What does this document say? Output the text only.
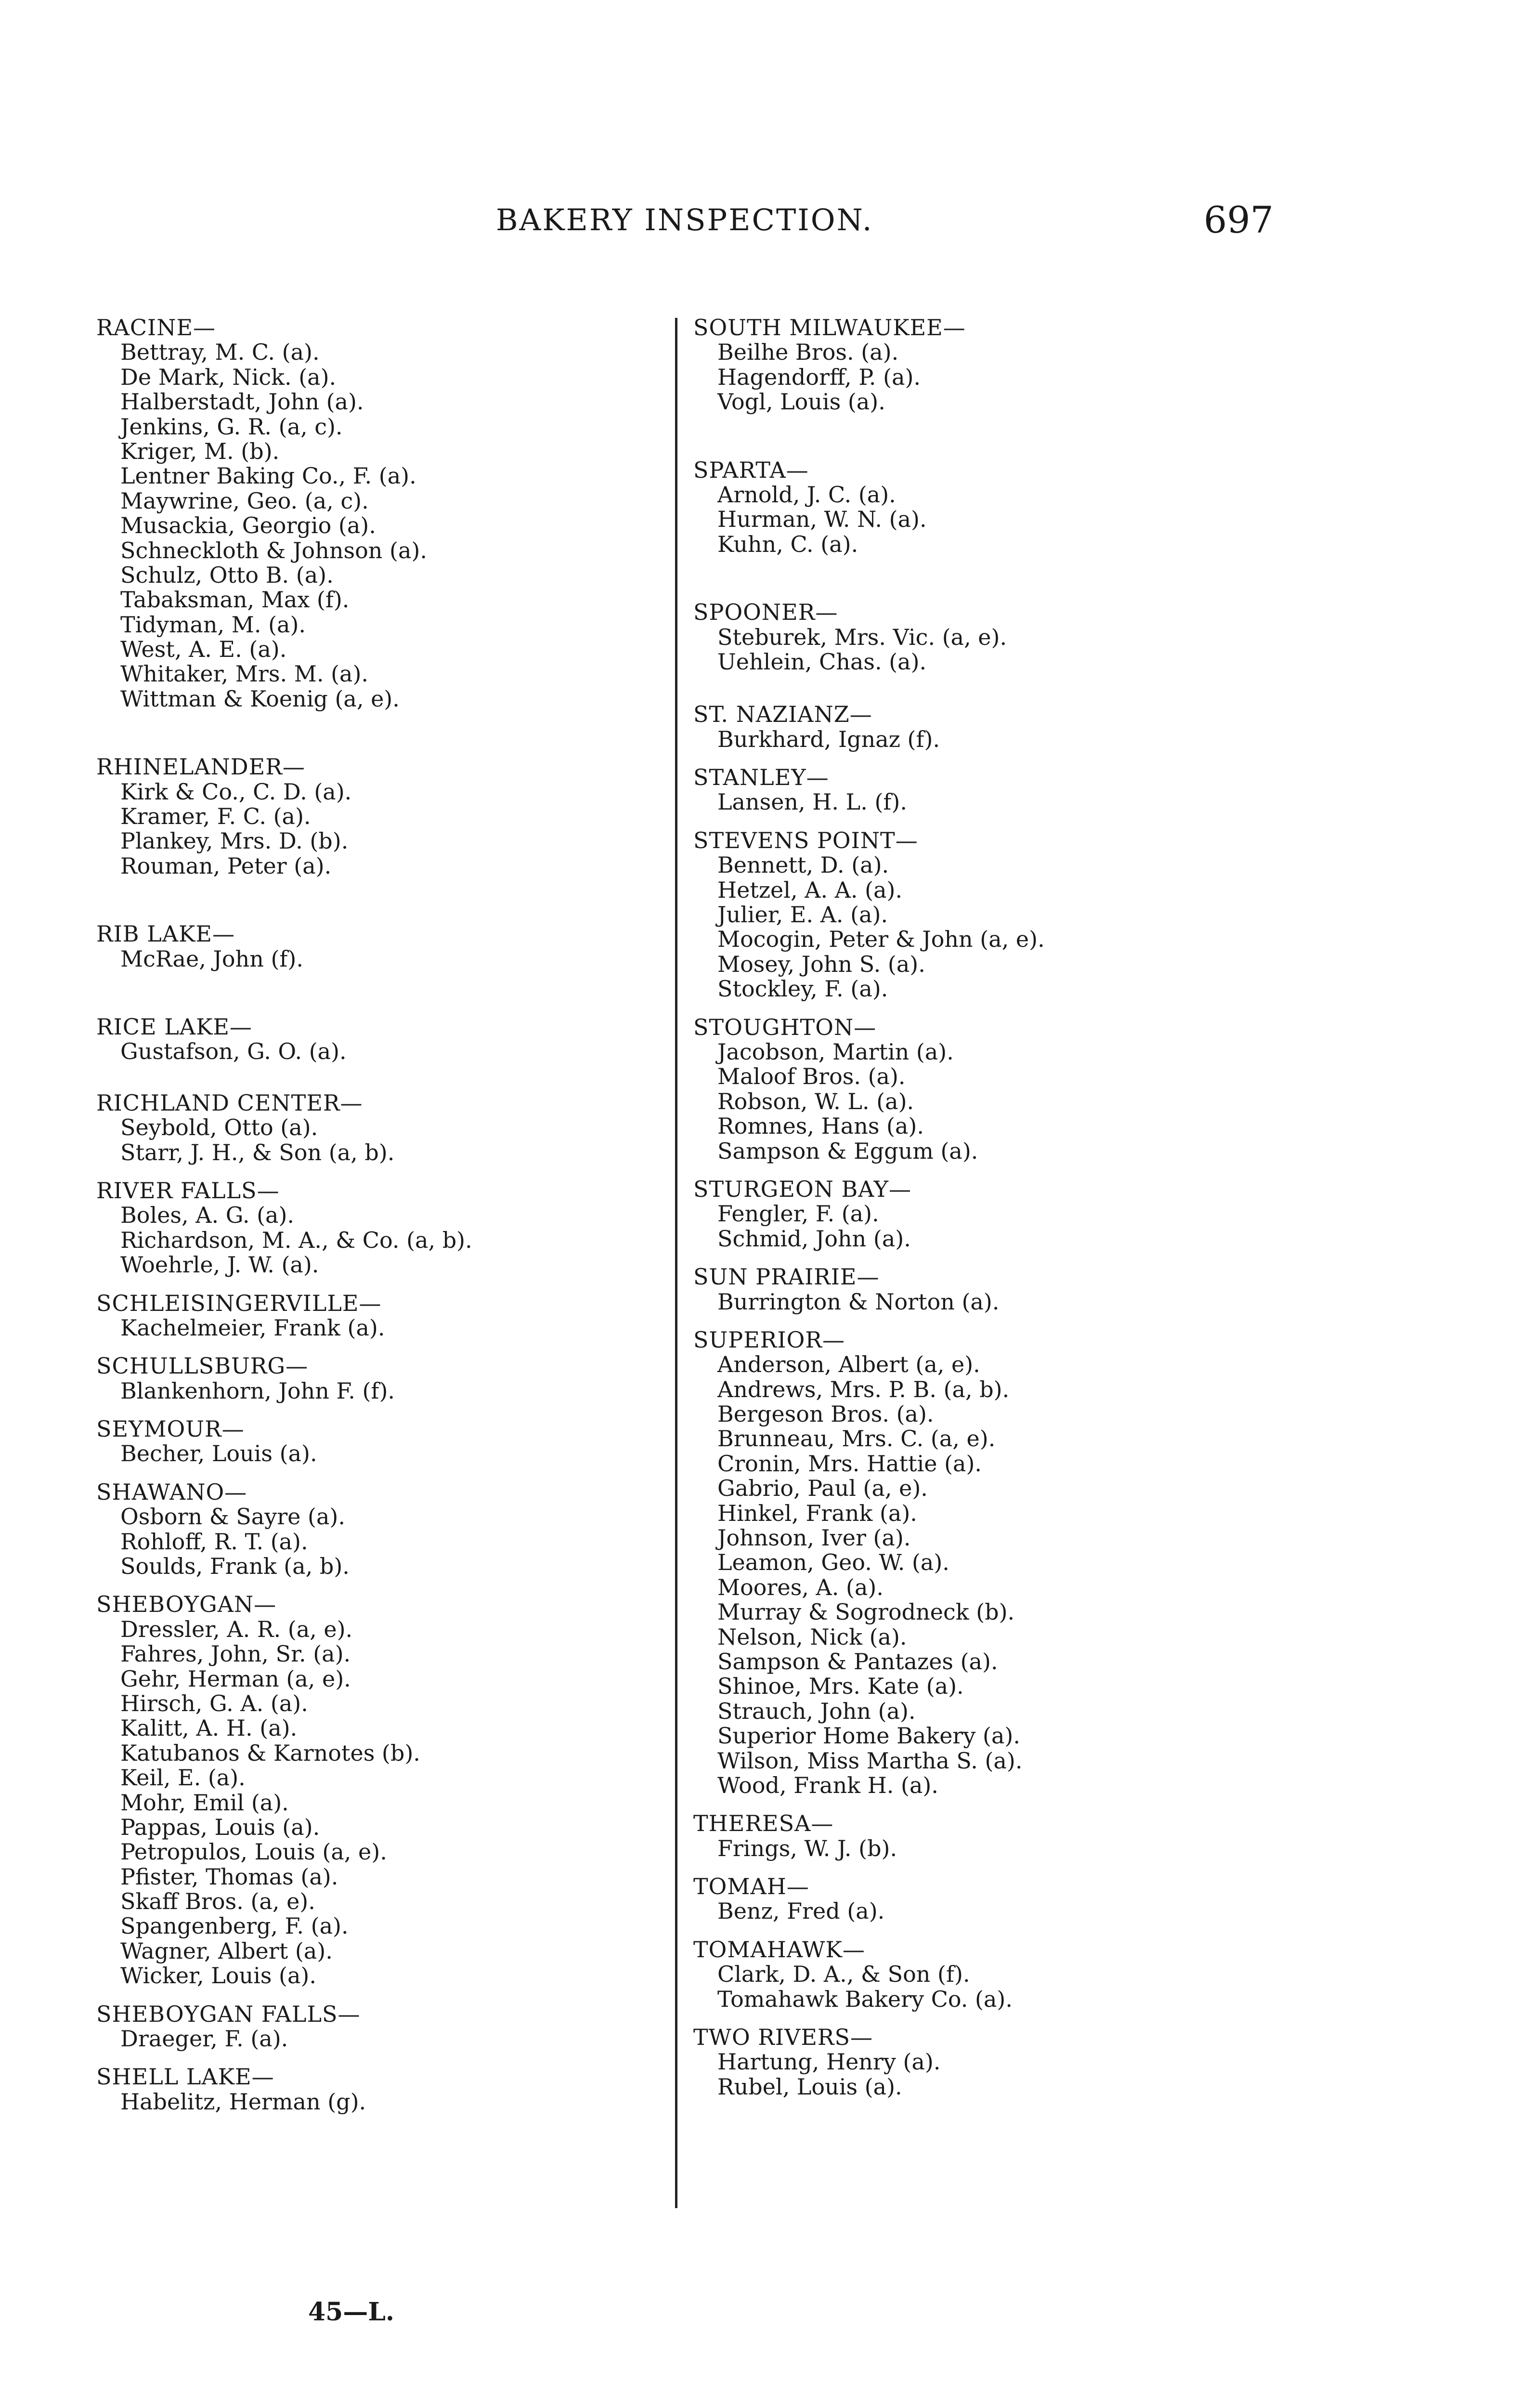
BAKERY INSPECTION.	697
RACINE—
Bettray, M. C. (a).
De Mark, Nick. (a).
Halberstadt, John (a).
Jenkins, G. R. (a, c).
Kriger, M. (b).
Lentner Baking Co., F. (a).
Maywrine, Geo. (a, c).
Musackia, Georgio (a).
Schneckloth & Johnson (a).
Schulz, Otto B. (a).
Tabaksman, Max (f).
Tidyman, M. (a).
West, A. E. (a).
Whitaker, Mrs. M. (a).
Wittman & Koenig (a, e).
RHINELANDER—
Kirk & Co., C. D. (a).
Kramer, F. C. (a).
Plankey, Mrs. D. (b).
Rouman, Peter (a).
RIB LAKE—
McRae, John (f).
RICE LAKE—
Gustafson, G. O. (a).
RICHLAND CENTER—
Seybold, Otto (a).
Starr, J. H., & Son (a, b).
RIVER FALLS—
Boles, A. G. (a).
Richardson, M. A., & Co. (a, b).
Woehrle, J. W. (a).
SCHLEISINGERVILLE—
Kachelmeier, Frank (a).
SCHULLSBURG—
Blankenhorn, John F. (f).
SEYMOUR—
Becher, Louis (a).
SHAWANO—
Osborn & Sayre (a).
Rohloff, R. T. (a).
Soulds, Frank (a, b).
SHEBOYGAN—
Dressler, A. R. (a, e).
Fahres, John, Sr. (a).
Gehr, Herman (a, e).
Hirsch, G. A. (a).
Kalitt, A. H. (a).
Katubanos & Karnotes (b).
Keil, E. (a).
Mohr, Emil (a).
Pappas, Louis (a).
Petropulos, Louis (a, e).
Pfister, Thomas (a).
Skaff Bros. (a, e).
Spangenberg, F. (a).
Wagner, Albert (a).
Wicker, Louis (a).
SHEBOYGAN FALLS—
Draeger, F. (a).
SHELL LAKE—
Habelitz, Herman (g).
SOUTH MILWAUKEE—
Beilhe Bros. (a).
Hagendorff, P. (a).
Vogl, Louis (a).
SPARTA—
Arnold, J. C. (a).
Hurman, W. N. (a).
Kuhn, C. (a).
SPOONER—
Steburek, Mrs. Vic. (a, e).
Uehlein, Chas. (a).
ST. NAZIANZ—
Burkhard, Ignaz (f).
STANLEY—
Lansen, H. L. (f).
STEVENS POINT—
Bennett, D. (a).
Hetzel, A. A. (a).
Julier, E. A. (a).
Mocogin, Peter & John (a, e).
Mosey, John S. (a).
Stockley, F. (a).
STOUGHTON—
Jacobson, Martin (a).
Maloof Bros. (a).
Robson, W. L. (a).
Romnes, Hans (a).
Sampson & Eggum (a).
STURGEON BAY—
Fengler, F. (a).
Schmid, John (a).
SUN PRAIRIE—
Burrington & Norton (a).
SUPERIOR—
Anderson, Albert (a, e).
Andrews, Mrs. P. B. (a, b).
Bergeson Bros. (a).
Brunneau, Mrs. C. (a, e).
Cronin, Mrs. Hattie (a).
Gabrio, Paul (a, e).
Hinkel, Frank (a).
Johnson, Iver (a).
Leamon, Geo. W. (a).
Moores, A. (a).
Murray & Sogrodneck (b).
Nelson, Nick (a).
Sampson & Pantazes (a).
Shinoe, Mrs. Kate (a).
Strauch, John (a).
Superior Home Bakery (a).
Wilson, Miss Martha S. (a).
Wood, Frank H. (a).
THERESA—
Frings, W. J. (b).
TOMAH—
Benz, Fred (a).
TOMAHAWK—
Clark, D. A., & Son (f).
Tomahawk Bakery Co. (a).
TWO RIVERS—
Hartung, Henry (a).
Rubel, Louis (a).
45—L.
